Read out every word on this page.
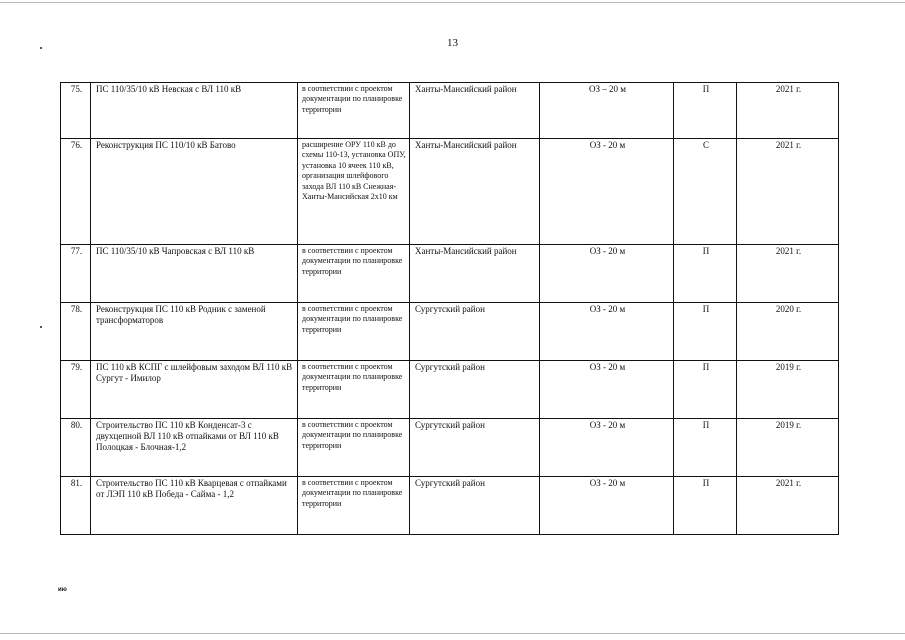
13
75.	ПС 110/35/10 кВ Невская с ВЛ 110 кВ	в соответствии с проектом документации по планировке территории	Ханты-Мансийский район	ОЗ – 20 м	П	2021 г.
76.	Реконструкция ПС 110/10 кВ Батово	расширение ОРУ 110 кВ до схемы 110-13, установка ОПУ, установка 10 ячеек 110 кВ, организация шлейфового захода ВЛ 110 кВ Снежная-Ханты-Мансийская 2х10 км	Ханты-Мансийский район	ОЗ - 20 м	С	2021 г.
77.	ПС 110/35/10 кВ Чапровская с ВЛ 110 кВ	в соответствии с проектом документации по планировке территории	Ханты-Мансийский район	ОЗ - 20 м	П	2021 г.
78.	Реконструкция ПС 110 кВ Родник с заменой трансформаторов	в соответствии с проектом документации по планировке территории	Сургутский район	ОЗ - 20 м	П	2020 г.
79.	ПС 110 кВ КСПГ с шлейфовым заходом ВЛ 110 кВ Сургут - Имилор	в соответствии с проектом документации по планировке территории	Сургутский район	ОЗ - 20 м	П	2019 г.
80.	Строительство ПС 110 кВ Конденсат-3 с двухцепной ВЛ 110 кВ отпайками от ВЛ 110 кВ Полоцкая - Блочная-1,2	в соответствии с проектом документации по планировке территории	Сургутский район	ОЗ - 20 м	П	2019 г.
81.	Строительство ПС 110 кВ Кварцевая с отпайками от ЛЭП 110 кВ Победа - Сайма - 1,2	в соответствии с проектом документации по планировке территории	Сургутский район	ОЗ - 20 м	П	2021 г.
ию
